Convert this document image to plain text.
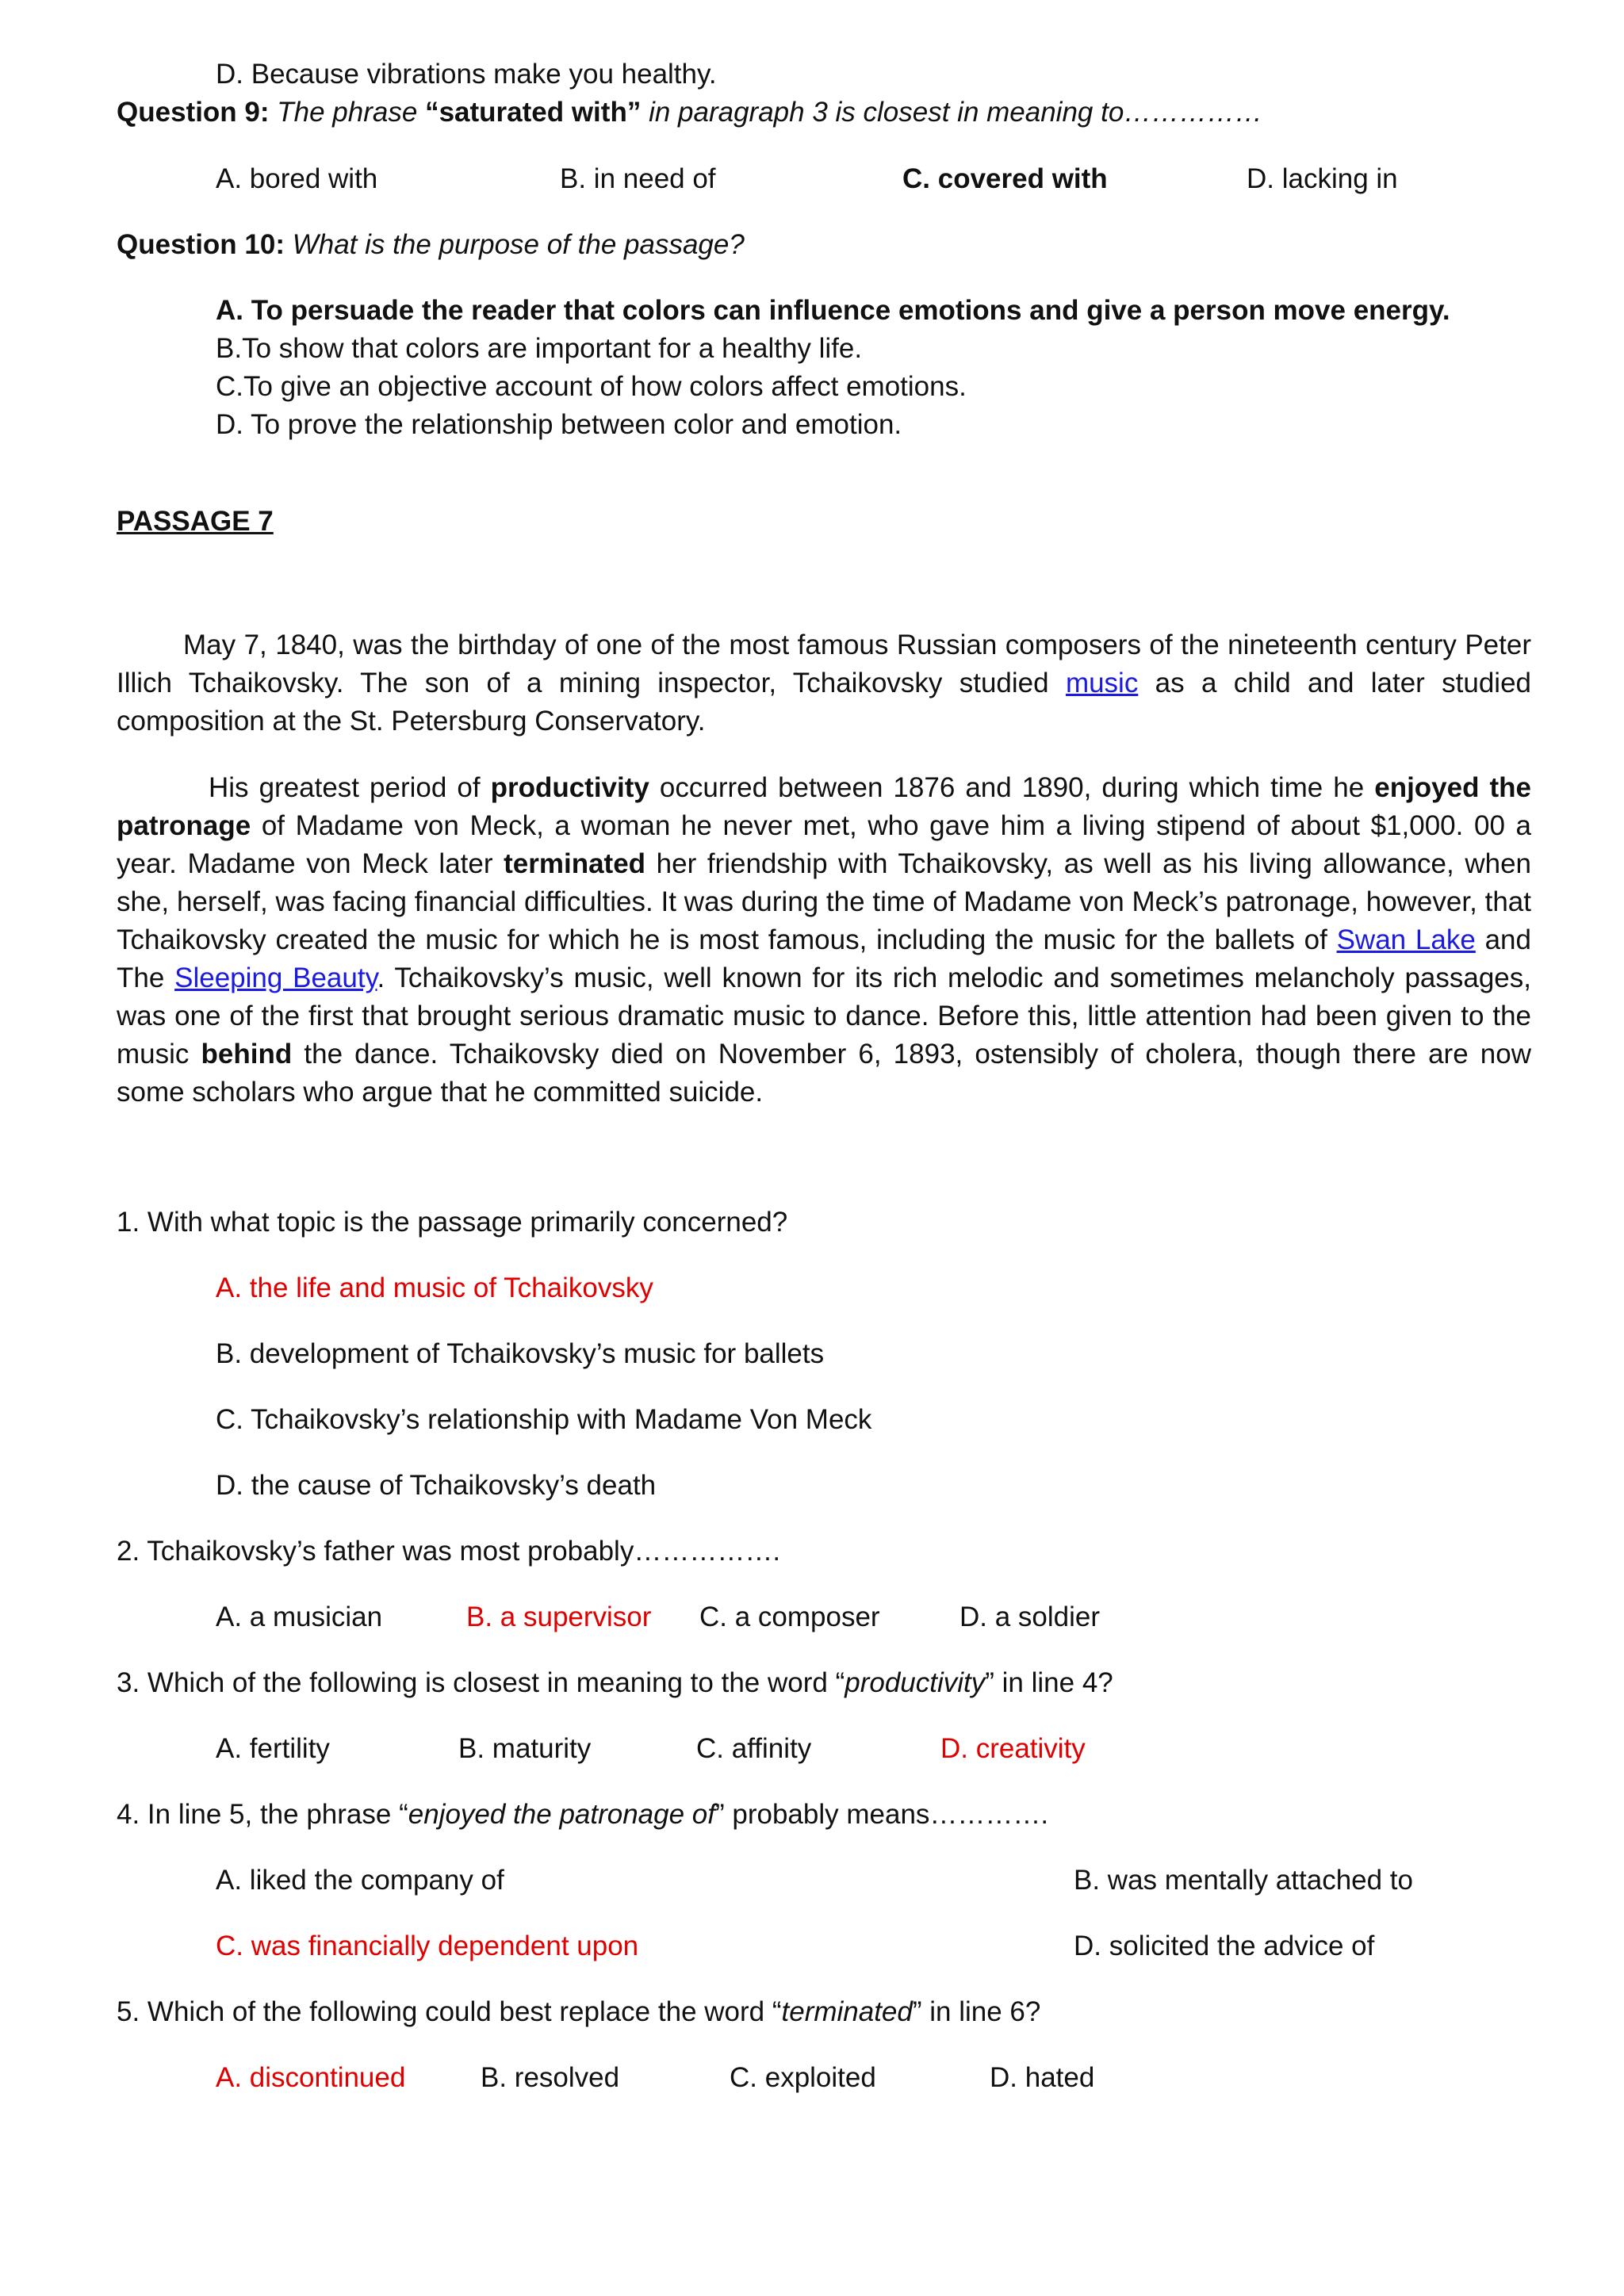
D. Because vibrations make you healthy.
Question 9: The phrase “saturated with” in paragraph 3 is closest in meaning to……………
A. bored with	B. in need of	C. covered with	D. lacking in
Question 10: What is the purpose of the passage?
A. To persuade the reader that colors can influence emotions and give a person move energy.
B.To show that colors are important for a healthy life.
C.To give an objective account of how colors affect emotions.
D. To prove the relationship between color and emotion.
PASSAGE 7

May 7, 1840, was the birthday of one of the most famous Russian composers of the nineteenth century Peter Illich Tchaikovsky. The son of a mining inspector, Tchaikovsky studied music as a child and later studied composition at the St. Petersburg Conservatory.

His greatest period of productivity occurred between 1876 and 1890, during which time he enjoyed the patronage of Madame von Meck, a woman he never met, who gave him a living stipend of about $1,000. 00 a year. Madame von Meck later terminated her friendship with Tchaikovsky, as well as his living allowance, when she, herself, was facing financial difficulties. It was during the time of Madame von Meck’s patronage, however, that Tchaikovsky created the music for which he is most famous, including the music for the ballets of Swan Lake and The Sleeping Beauty. Tchaikovsky’s music, well known for its rich melodic and sometimes melancholy passages, was one of the first that brought serious dramatic music to dance. Before this, little attention had been given to the music behind the dance. Tchaikovsky died on November 6, 1893, ostensibly of cholera, though there are now some scholars who argue that he committed suicide.

1. With what topic is the passage primarily concerned?
A. the life and music of Tchaikovsky
B. development of Tchaikovsky’s music for ballets
C. Tchaikovsky’s relationship with Madame Von Meck
D. the cause of Tchaikovsky’s death
2. Tchaikovsky’s father was most probably…………….
A. a musician	B. a supervisor C. a composer	D. a soldier
3. Which of the following is closest in meaning to the word “productivity” in line 4?
A. fertility	B. maturity	C. affinity	D. creativity
4. In line 5, the phrase “enjoyed the patronage of” probably means………….
A. liked the company of	B. was mentally attached to
C. was financially dependent upon	D. solicited the advice of
5. Which of the following could best replace the word “terminated” in line 6?
A. discontinued	B. resolved	C. exploited	D. hated
